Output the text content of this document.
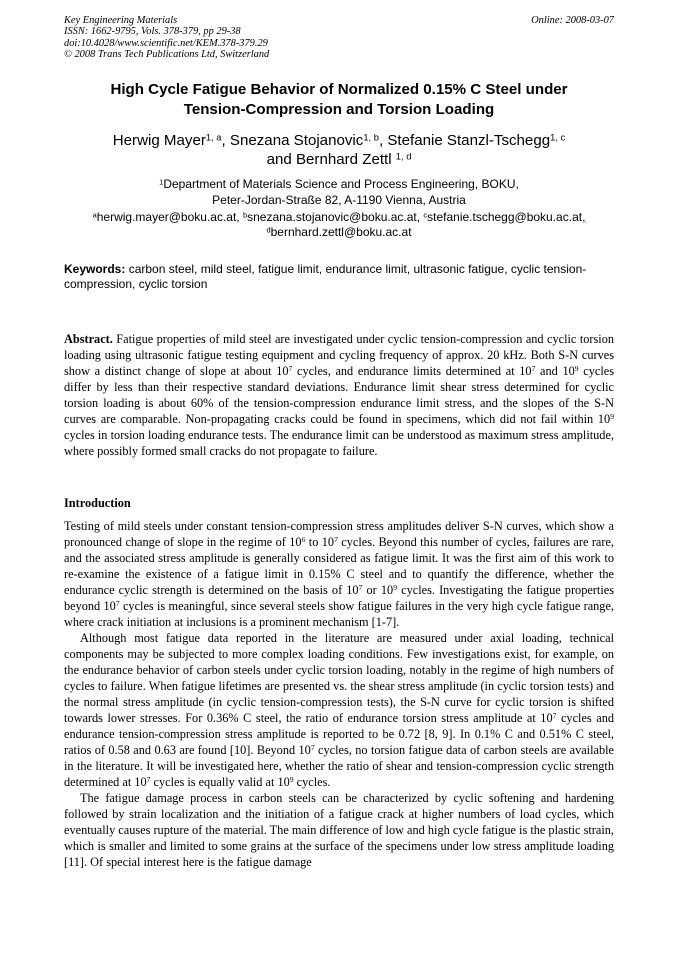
Key Engineering Materials
ISSN: 1662-9795, Vols. 378-379, pp 29-38
doi:10.4028/www.scientific.net/KEM.378-379.29
© 2008 Trans Tech Publications Ltd, Switzerland
Online: 2008-03-07
High Cycle Fatigue Behavior of Normalized 0.15% C Steel under
Tension-Compression and Torsion Loading
Herwig Mayer$^{1, a}$, Snezana Stojanovic$^{1, b}$, Stefanie Stanzl-Tschegg$^{1, c}$
and Bernhard Zettl $^{1, d}$
$^1$Department of Materials Science and Process Engineering, BOKU,
Peter-Jordan-Straße 82, A-1190 Vienna, Austria
$^a$herwig.mayer@boku.ac.at, $^b$snezana.stojanovic@boku.ac.at, $^c$stefanie.tschegg@boku.ac.at,
$^d$bernhard.zettl@boku.ac.at
Keywords: carbon steel, mild steel, fatigue limit, endurance limit, ultrasonic fatigue, cyclic tension-compression, cyclic torsion
Abstract. Fatigue properties of mild steel are investigated under cyclic tension-compression and cyclic torsion loading using ultrasonic fatigue testing equipment and cycling frequency of approx. 20 kHz. Both S-N curves show a distinct change of slope at about $10^7$ cycles, and endurance limits determined at $10^7$ and $10^9$ cycles differ by less than their respective standard deviations. Endurance limit shear stress determined for cyclic torsion loading is about 60% of the tension-compression endurance limit stress, and the slopes of the S-N curves are comparable. Non-propagating cracks could be found in specimens, which did not fail within $10^9$ cycles in torsion loading endurance tests. The endurance limit can be understood as maximum stress amplitude, where possibly formed small cracks do not propagate to failure.
Introduction

Testing of mild steels under constant tension-compression stress amplitudes deliver S-N curves, which show a pronounced change of slope in the regime of $10^6$ to $10^7$ cycles. Beyond this number of cycles, failures are rare, and the associated stress amplitude is generally considered as fatigue limit. It was the first aim of this work to re-examine the existence of a fatigue limit in 0.15% C steel and to quantify the difference, whether the endurance cyclic strength is determined on the basis of $10^7$ or $10^9$ cycles. Investigating the fatigue properties beyond $10^7$ cycles is meaningful, since several steels show fatigue failures in the very high cycle fatigue range, where crack initiation at inclusions is a prominent mechanism [1-7].

Although most fatigue data reported in the literature are measured under axial loading, technical components may be subjected to more complex loading conditions. Few investigations exist, for example, on the endurance behavior of carbon steels under cyclic torsion loading, notably in the regime of high numbers of cycles to failure. When fatigue lifetimes are presented vs. the shear stress amplitude (in cyclic torsion tests) and the normal stress amplitude (in cyclic tension-compression tests), the S-N curve for cyclic torsion is shifted towards lower stresses. For 0.36% C steel, the ratio of endurance torsion stress amplitude at $10^7$ cycles and endurance tension-compression stress amplitude is reported to be 0.72 [8, 9]. In 0.1% C and 0.51% C steel, ratios of 0.58 and 0.63 are found [10]. Beyond $10^7$ cycles, no torsion fatigue data of carbon steels are available in the literature. It will be investigated here, whether the ratio of shear and tension-compression cyclic strength determined at $10^7$ cycles is equally valid at $10^9$ cycles.

The fatigue damage process in carbon steels can be characterized by cyclic softening and hardening followed by strain localization and the initiation of a fatigue crack at higher numbers of load cycles, which eventually causes rupture of the material. The main difference of low and high cycle fatigue is the plastic strain, which is smaller and limited to some grains at the surface of the specimens under low stress amplitude loading [11]. Of special interest here is the fatigue damage
